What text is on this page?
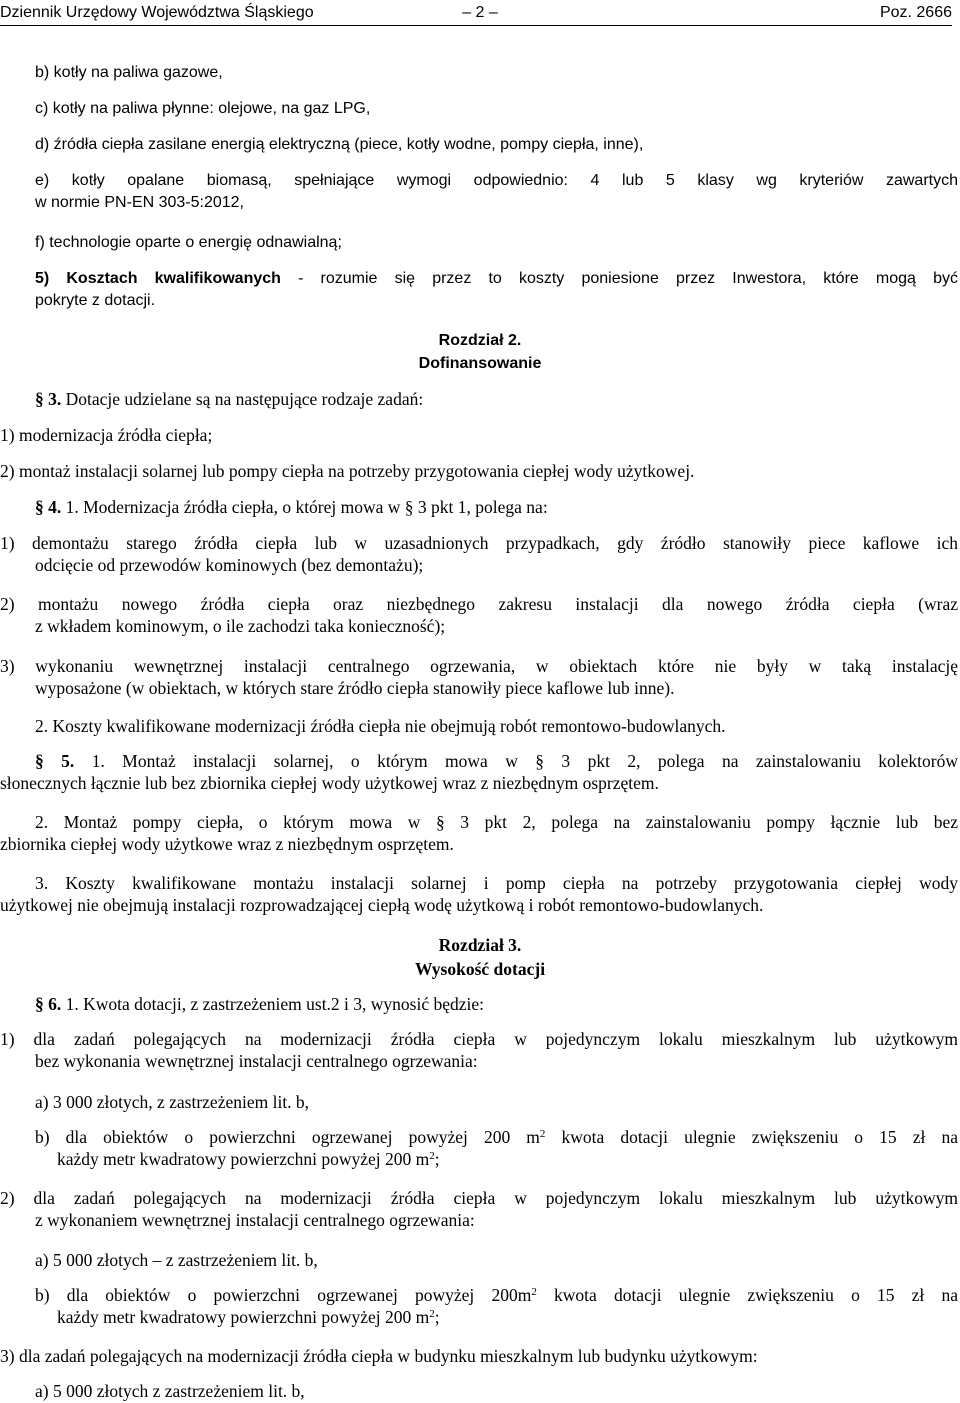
Dziennik Urzędowy Województwa Śląskiego	– 2 –	Poz. 2666
b) kotły na paliwa gazowe,
c) kotły na paliwa płynne: olejowe, na gaz LPG,
d) źródła ciepła zasilane energią elektryczną (piece, kotły wodne, pompy ciepła, inne),
e) kotły opalane biomasą, spełniające wymogi odpowiednio: 4 lub 5 klasy wg kryteriów zawartych
w normie PN-EN 303-5:2012,
f) technologie oparte o energię odnawialną;
5) Kosztach kwalifikowanych - rozumie się przez to koszty poniesione przez Inwestora, które mogą być
pokryte z dotacji.
Rozdział 2.
Dofinansowanie
§ 3. Dotacje udzielane są na następujące rodzaje zadań:
1) modernizacja źródła ciepła;
2) montaż instalacji solarnej lub pompy ciepła na potrzeby przygotowania ciepłej wody użytkowej.
§ 4. 1. Modernizacja źródła ciepła, o której mowa w § 3 pkt 1, polega na:
1) demontażu starego źródła ciepła lub w uzasadnionych przypadkach, gdy źródło stanowiły piece kaflowe ich
odcięcie od przewodów kominowych (bez demontażu);
2) montażu nowego źródła ciepła oraz niezbędnego zakresu instalacji dla nowego źródła ciepła (wraz
z wkładem kominowym, o ile zachodzi taka konieczność);
3) wykonaniu wewnętrznej instalacji centralnego ogrzewania, w obiektach które nie były w taką instalację
wyposażone (w obiektach, w których stare źródło ciepła stanowiły piece kaflowe lub inne).
2. Koszty kwalifikowane modernizacji źródła ciepła nie obejmują robót remontowo-budowlanych.
§ 5. 1. Montaż instalacji solarnej, o którym mowa w § 3 pkt 2, polega na zainstalowaniu kolektorów
słonecznych łącznie lub bez zbiornika ciepłej wody użytkowej wraz z niezbędnym osprzętem.
2. Montaż pompy ciepła, o którym mowa w § 3 pkt 2, polega na zainstalowaniu pompy łącznie lub bez
zbiornika ciepłej wody użytkowe wraz z niezbędnym osprzętem.
3. Koszty kwalifikowane montażu instalacji solarnej i pomp ciepła na potrzeby przygotowania ciepłej wody
użytkowej nie obejmują instalacji rozprowadzającej ciepłą wodę użytkową i robót remontowo-budowlanych.
Rozdział 3.
Wysokość dotacji
§ 6. 1. Kwota dotacji, z zastrzeżeniem ust.2 i 3, wynosić będzie:
1) dla zadań polegających na modernizacji źródła ciepła w pojedynczym lokalu mieszkalnym lub użytkowym
bez wykonania wewnętrznej instalacji centralnego ogrzewania:
a) 3 000 złotych, z zastrzeżeniem lit. b,
b) dla obiektów o powierzchni ogrzewanej powyżej 200 $m^2$ kwota dotacji ulegnie zwiększeniu o 15 zł na
każdy metr kwadratowy powierzchni powyżej 200 $m^2$;
2) dla zadań polegających na modernizacji źródła ciepła w pojedynczym lokalu mieszkalnym lub użytkowym
z wykonaniem wewnętrznej instalacji centralnego ogrzewania:
a) 5 000 złotych – z zastrzeżeniem lit. b,
b) dla obiektów o powierzchni ogrzewanej powyżej $200m^2$ kwota dotacji ulegnie zwiększeniu o 15 zł na
każdy metr kwadratowy powierzchni powyżej 200 $m^2$;
3) dla zadań polegających na modernizacji źródła ciepła w budynku mieszkalnym lub budynku użytkowym:
a) 5 000 złotych z zastrzeżeniem lit. b,
